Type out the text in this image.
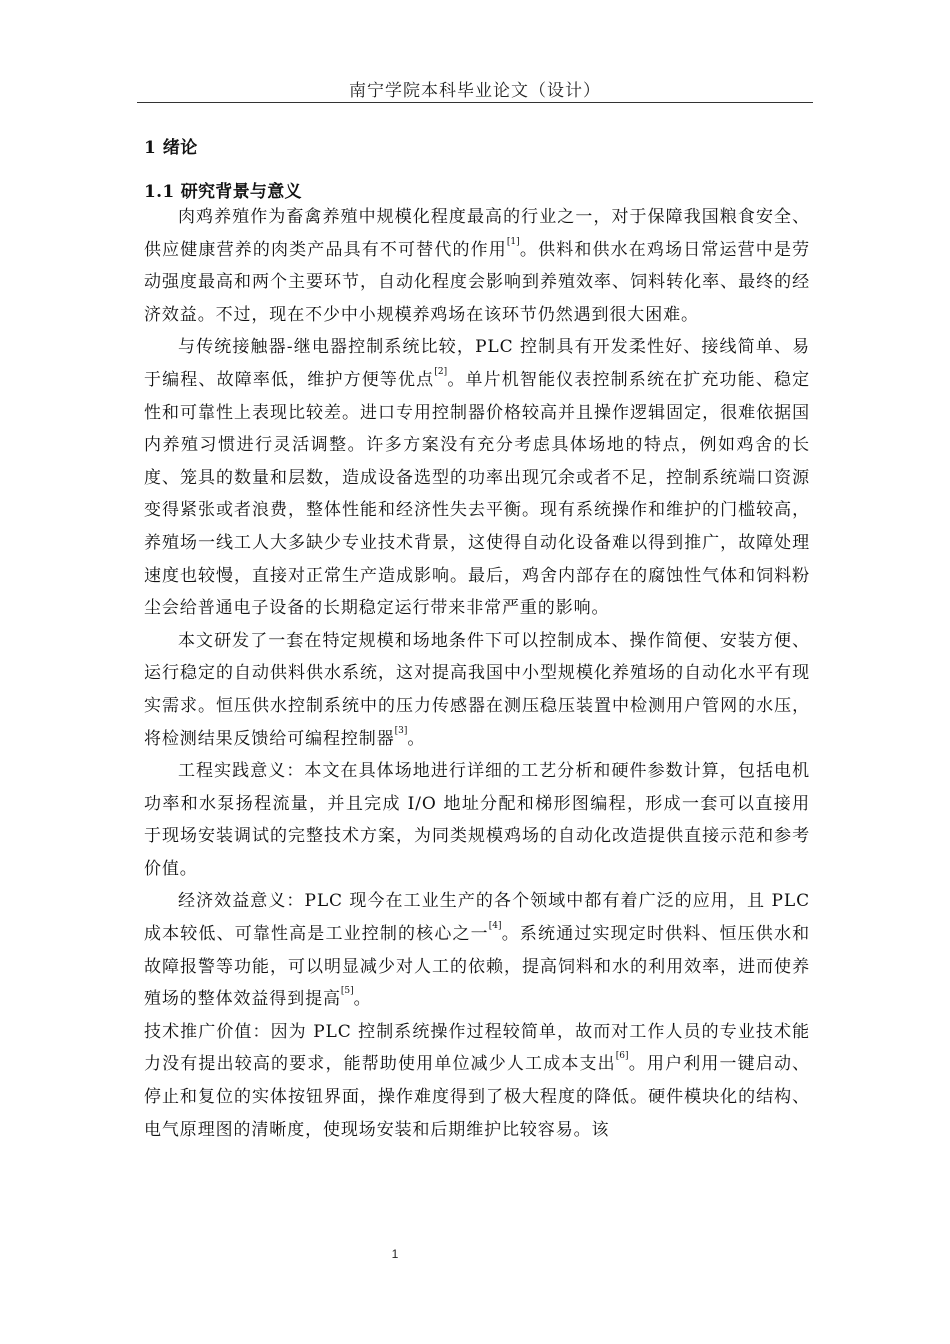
南宁学院本科毕业论文（设计）
1 绪论
1.1 研究背景与意义

肉鸡养殖作为畜禽养殖中规模化程度最高的行业之一，对于保障我国粮食安全、供应健康营养的肉类产品具有不可替代的作用[1]。供料和供水在鸡场日常运营中是劳动强度最高和两个主要环节，自动化程度会影响到养殖效率、饲料转化率、最终的经济效益。不过，现在不少中小规模养鸡场在该环节仍然遇到很大困难。

与传统接触器-继电器控制系统比较，PLC 控制具有开发柔性好、接线简单、易于编程、故障率低，维护方便等优点[2]。单片机智能仪表控制系统在扩充功能、稳定性和可靠性上表现比较差。进口专用控制器价格较高并且操作逻辑固定，很难依据国内养殖习惯进行灵活调整。许多方案没有充分考虑具体场地的特点，例如鸡舍的长度、笼具的数量和层数，造成设备选型的功率出现冗余或者不足，控制系统端口资源变得紧张或者浪费，整体性能和经济性失去平衡。现有系统操作和维护的门槛较高，养殖场一线工人大多缺少专业技术背景，这使得自动化设备难以得到推广，故障处理速度也较慢，直接对正常生产造成影响。最后，鸡舍内部存在的腐蚀性气体和饲料粉尘会给普通电子设备的长期稳定运行带来非常严重的影响。

本文研发了一套在特定规模和场地条件下可以控制成本、操作简便、安装方便、运行稳定的自动供料供水系统，这对提高我国中小型规模化养殖场的自动化水平有现实需求。恒压供水控制系统中的压力传感器在测压稳压装置中检测用户管网的水压，将检测结果反馈给可编程控制器[3]。

工程实践意义：本文在具体场地进行详细的工艺分析和硬件参数计算，包括电机功率和水泵扬程流量，并且完成 I/O 地址分配和梯形图编程，形成一套可以直接用于现场安装调试的完整技术方案，为同类规模鸡场的自动化改造提供直接示范和参考价值。

经济效益意义：PLC 现今在工业生产的各个领域中都有着广泛的应用，且 PLC 成本较低、可靠性高是工业控制的核心之一[4]。系统通过实现定时供料、恒压供水和故障报警等功能，可以明显减少对人工的依赖，提高饲料和水的利用效率，进而使养殖场的整体效益得到提高[5]。

技术推广价值：因为 PLC 控制系统操作过程较简单，故而对工作人员的专业技术能力没有提出较高的要求，能帮助使用单位减少人工成本支出[6]。用户利用一键启动、停止和复位的实体按钮界面，操作难度得到了极大程度的降低。硬件模块化的结构、电气原理图的清晰度，使现场安装和后期维护比较容易。该

1
